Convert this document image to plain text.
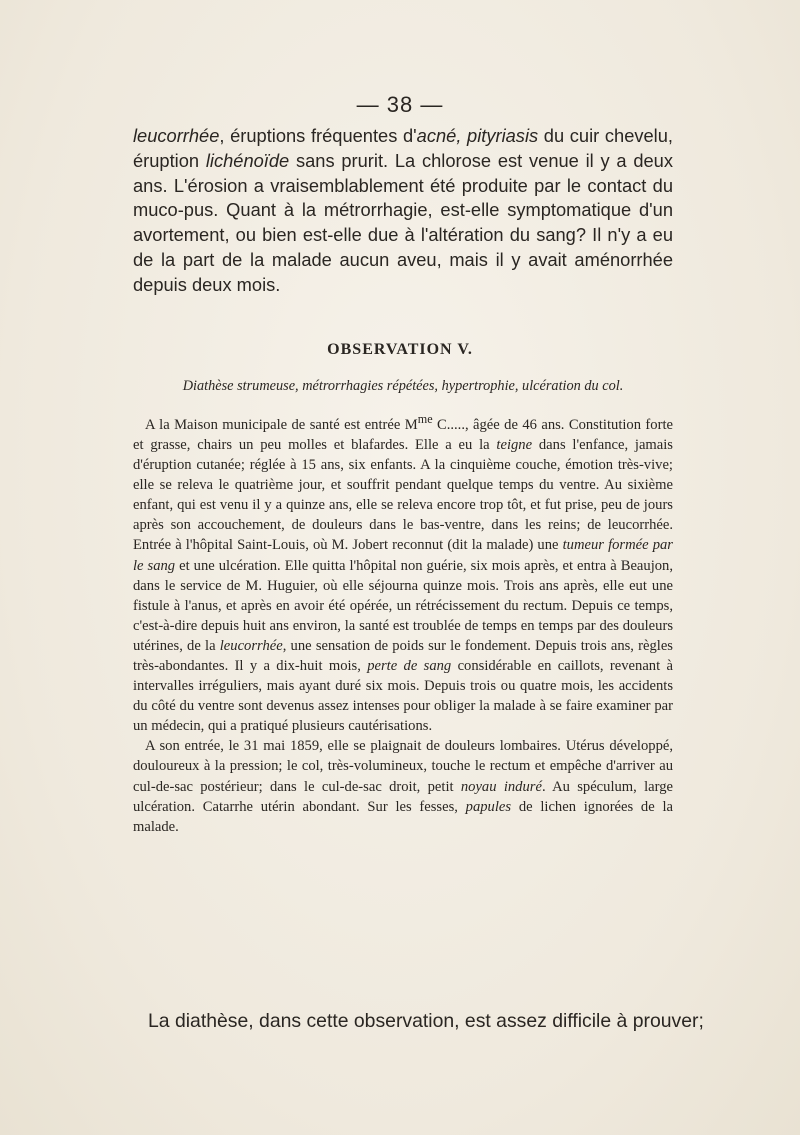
— 38 —

leucorrhée, éruptions fréquentes d'acné, pityriasis du cuir chevelu, éruption lichénoïde sans prurit. La chlorose est venue il y a deux ans. L'érosion a vraisemblablement été produite par le contact du muco-pus. Quant à la métrorrhagie, est-elle symptomatique d'un avortement, ou bien est-elle due à l'altération du sang? Il n'y a eu de la part de la malade aucun aveu, mais il y avait aménorrhée depuis deux mois.

OBSERVATION V.
Diathèse strumeuse, métrorrhagies répétées, hypertrophie, ulcération du col.

A la Maison municipale de santé est entrée $M^{me}$ C....., âgée de 46 ans. Constitution forte et grasse, chairs un peu molles et blafardes. Elle a eu la teigne dans l'enfance, jamais d'éruption cutanée; réglée à 15 ans, six enfants. A la cinquième couche, émotion très-vive; elle se releva le quatrième jour, et souffrit pendant quelque temps du ventre. Au sixième enfant, qui est venu il y a quinze ans, elle se releva encore trop tôt, et fut prise, peu de jours après son accouchement, de douleurs dans le bas-ventre, dans les reins; de leucorrhée. Entrée à l'hôpital Saint-Louis, où M. Jobert reconnut (dit la malade) une tumeur formée par le sang et une ulcération. Elle quitta l'hôpital non guérie, six mois après, et entra à Beaujon, dans le service de M. Huguier, où elle séjourna quinze mois. Trois ans après, elle eut une fistule à l'anus, et après en avoir été opérée, un rétrécissement du rectum. Depuis ce temps, c'est-à-dire depuis huit ans environ, la santé est troublée de temps en temps par des douleurs utérines, de la leucorrhée, une sensation de poids sur le fondement. Depuis trois ans, règles très-abondantes. Il y a dix-huit mois, perte de sang considérable en caillots, revenant à intervalles irréguliers, mais ayant duré six mois. Depuis trois ou quatre mois, les accidents du côté du ventre sont devenus assez intenses pour obliger la malade à se faire examiner par un médecin, qui a pratiqué plusieurs cautérisations.

A son entrée, le 31 mai 1859, elle se plaignait de douleurs lombaires. Utérus développé, douloureux à la pression; le col, très-volumineux, touche le rectum et empêche d'arriver au cul-de-sac postérieur; dans le cul-de-sac droit, petit noyau induré. Au spéculum, large ulcération. Catarrhe utérin abondant. Sur les fesses, papules de lichen ignorées de la malade.

La diathèse, dans cette observation, est assez difficile à prouver;
